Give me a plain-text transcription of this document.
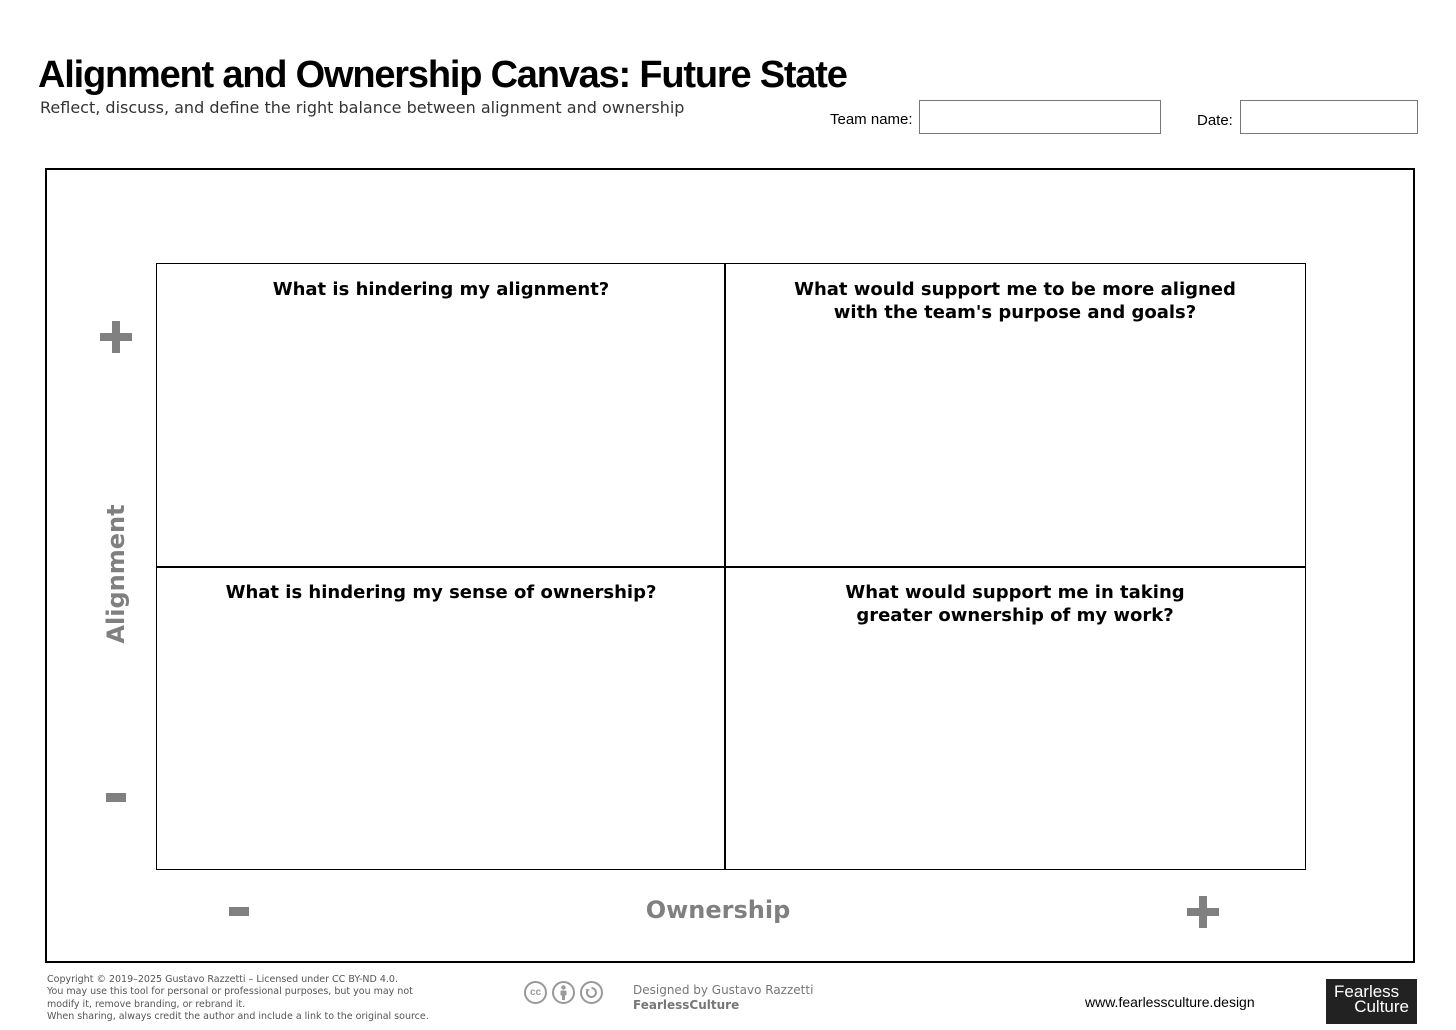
Alignment and Ownership Canvas: Future State
Reflect, discuss, and define the right balance between alignment and ownership
Team name:	Date:
What is hindering my alignment?	What would support me to be more aligned
with the team's purpose and goals?
What is hindering my sense of ownership?	What would support me in taking
greater ownership of my work?
Alignment
Ownership
Copyright © 2019–2025 Gustavo Razzetti – Licensed under CC BY-ND 4.0.
You may use this tool for personal or professional purposes, but you may not
modify it, remove branding, or rebrand it.
When sharing, always credit the author and include a link to the original source.
cc	Designed by Gustavo Razzetti
FearlessCulture	www.fearlessculture.design
Fearless
Culture
